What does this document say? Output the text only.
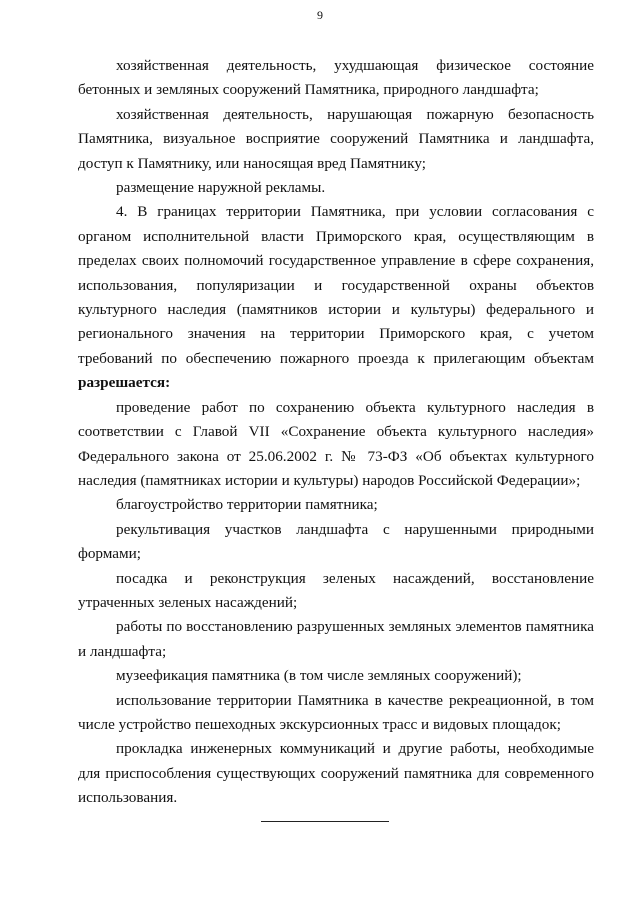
9

хозяйственная деятельность, ухудшающая физическое состояние бетонных и земляных сооружений Памятника, природного ландшафта;

хозяйственная деятельность, нарушающая пожарную безопасность Памятника, визуальное восприятие сооружений Памятника и ландшафта, доступ к Памятнику, или наносящая вред Памятнику;

размещение наружной рекламы.

4. В границах территории Памятника, при условии согласования с органом исполнительной власти Приморского края, осуществляющим в пределах своих полномочий государственное управление в сфере сохранения, использования, популяризации и государственной охраны объектов культурного наследия (памятников истории и культуры) федерального и регионального значения на территории Приморского края, с учетом требований по обеспечению пожарного проезда к прилегающим объектам разрешается:

проведение работ по сохранению объекта культурного наследия в соответствии с Главой VII «Сохранение объекта культурного наследия» Федерального закона от 25.06.2002 г. № 73-ФЗ «Об объектах культурного наследия (памятниках истории и культуры) народов Российской Федерации»;

благоустройство территории памятника;

рекультивация участков ландшафта с нарушенными природными формами;

посадка и реконструкция зеленых насаждений, восстановление утраченных зеленых насаждений;

работы по восстановлению разрушенных земляных элементов памятника и ландшафта;

музеефикация памятника (в том числе земляных сооружений);

использование территории Памятника в качестве рекреационной, в том числе устройство пешеходных экскурсионных трасс и видовых площадок;

прокладка инженерных коммуникаций и другие работы, необходимые для приспособления существующих сооружений памятника для современного использования.
